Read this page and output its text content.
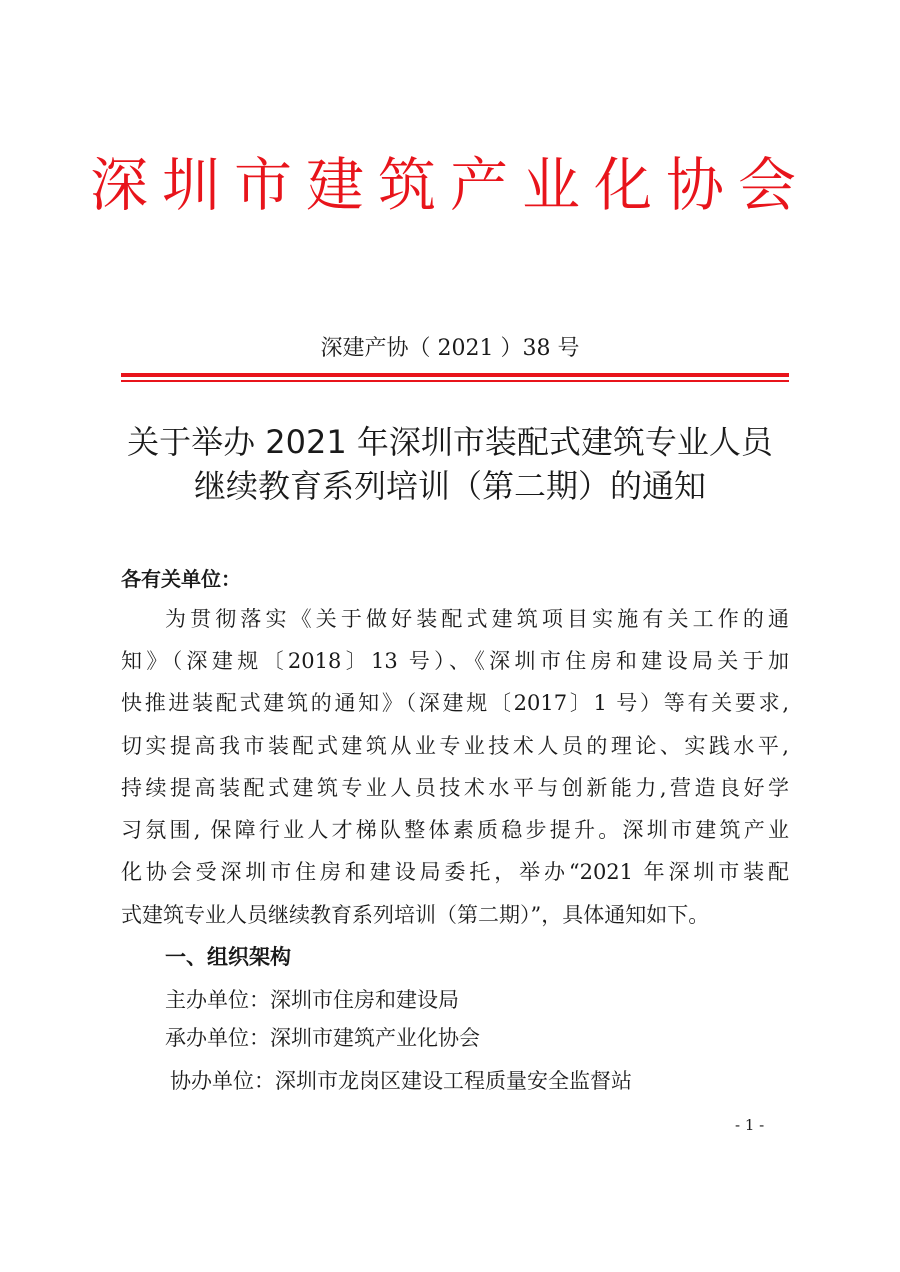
深圳市建筑产业化协会
深建产协（ 2021 ）38 号
关于举办 2021 年深圳市装配式建筑专业人员
继续教育系列培训（第二期）的通知
各有关单位：
为贯彻落实《关于做好装配式建筑项目实施有关工作的通
知》（深建规〔2018〕13 号）、《深圳市住房和建设局关于加
快推进装配式建筑的通知》（深建规〔2017〕1 号）等有关要求,
切实提高我市装配式建筑从业专业技术人员的理论、实践水平,
持续提高装配式建筑专业人员技术水平与创新能力,营造良好学
习氛围, 保障行业人才梯队整体素质稳步提升。深圳市建筑产业
化协会受深圳市住房和建设局委托，举办“2021 年深圳市装配
式建筑专业人员继续教育系列培训（第二期）”，具体通知如下。
一、组织架构
主办单位：深圳市住房和建设局
承办单位：深圳市建筑产业化协会
协办单位：深圳市龙岗区建设工程质量安全监督站
- 1 -
